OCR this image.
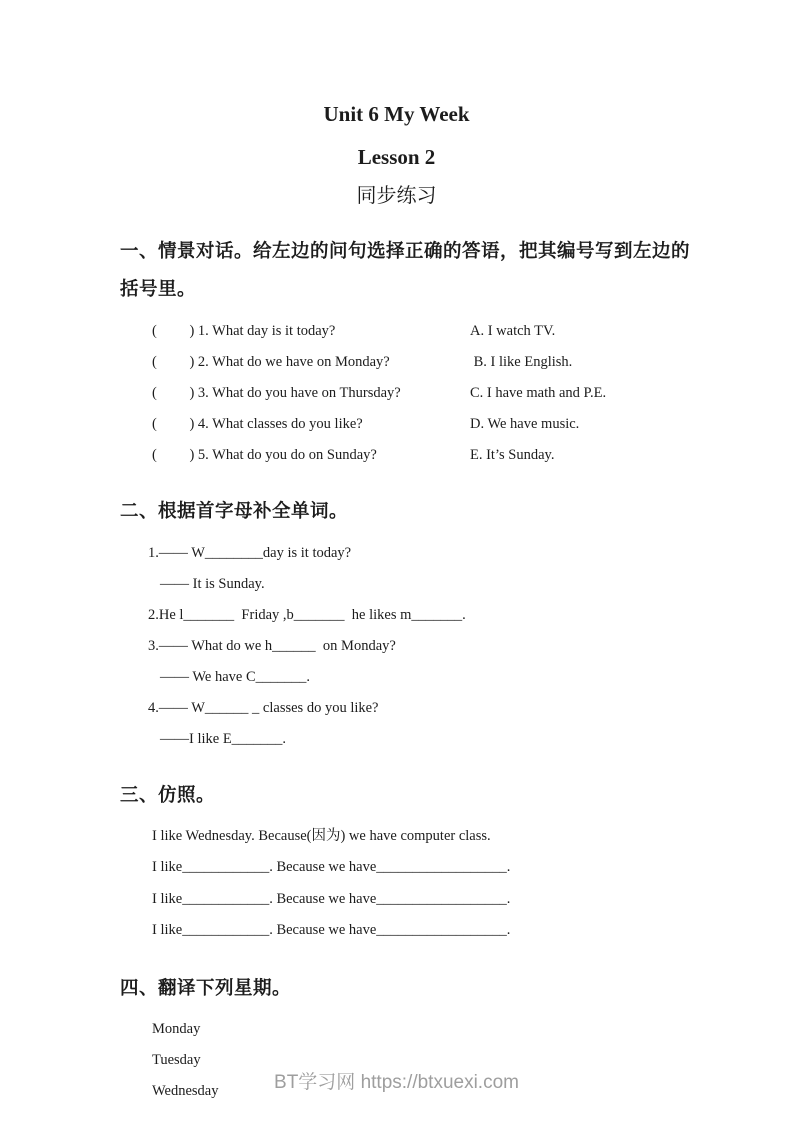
Unit 6 My Week
Lesson 2
同步练习
一、情景对话。给左边的问句选择正确的答语，把其编号写到左边的括号里。
(         ) 1. What day is it today?	A. I watch TV.
(         ) 2. What do we have on Monday?	B. I like English.
(         ) 3. What do you have on Thursday?	C. I have math and P.E.
(         ) 4. What classes do you like?	D. We have music.
(         ) 5. What do you do on Sunday?	E. It’s Sunday.
二、根据首字母补全单词。
1.—— W________day is it today?
—— It is Sunday.
2.He l_______  Friday ,b_______  he likes m_______.
3.—— What do we h______  on Monday?
—— We have C_______.
4.—— W______ _ classes do you like?
——I like E_______.
三、仿照。
I like Wednesday. Because(因为) we have computer class.
I like____________. Because we have__________________.
I like____________. Because we have__________________.
I like____________. Because we have__________________.
四、翻译下列星期。
Monday
Tuesday
Wednesday	BT学习网 https://btxuexi.com
